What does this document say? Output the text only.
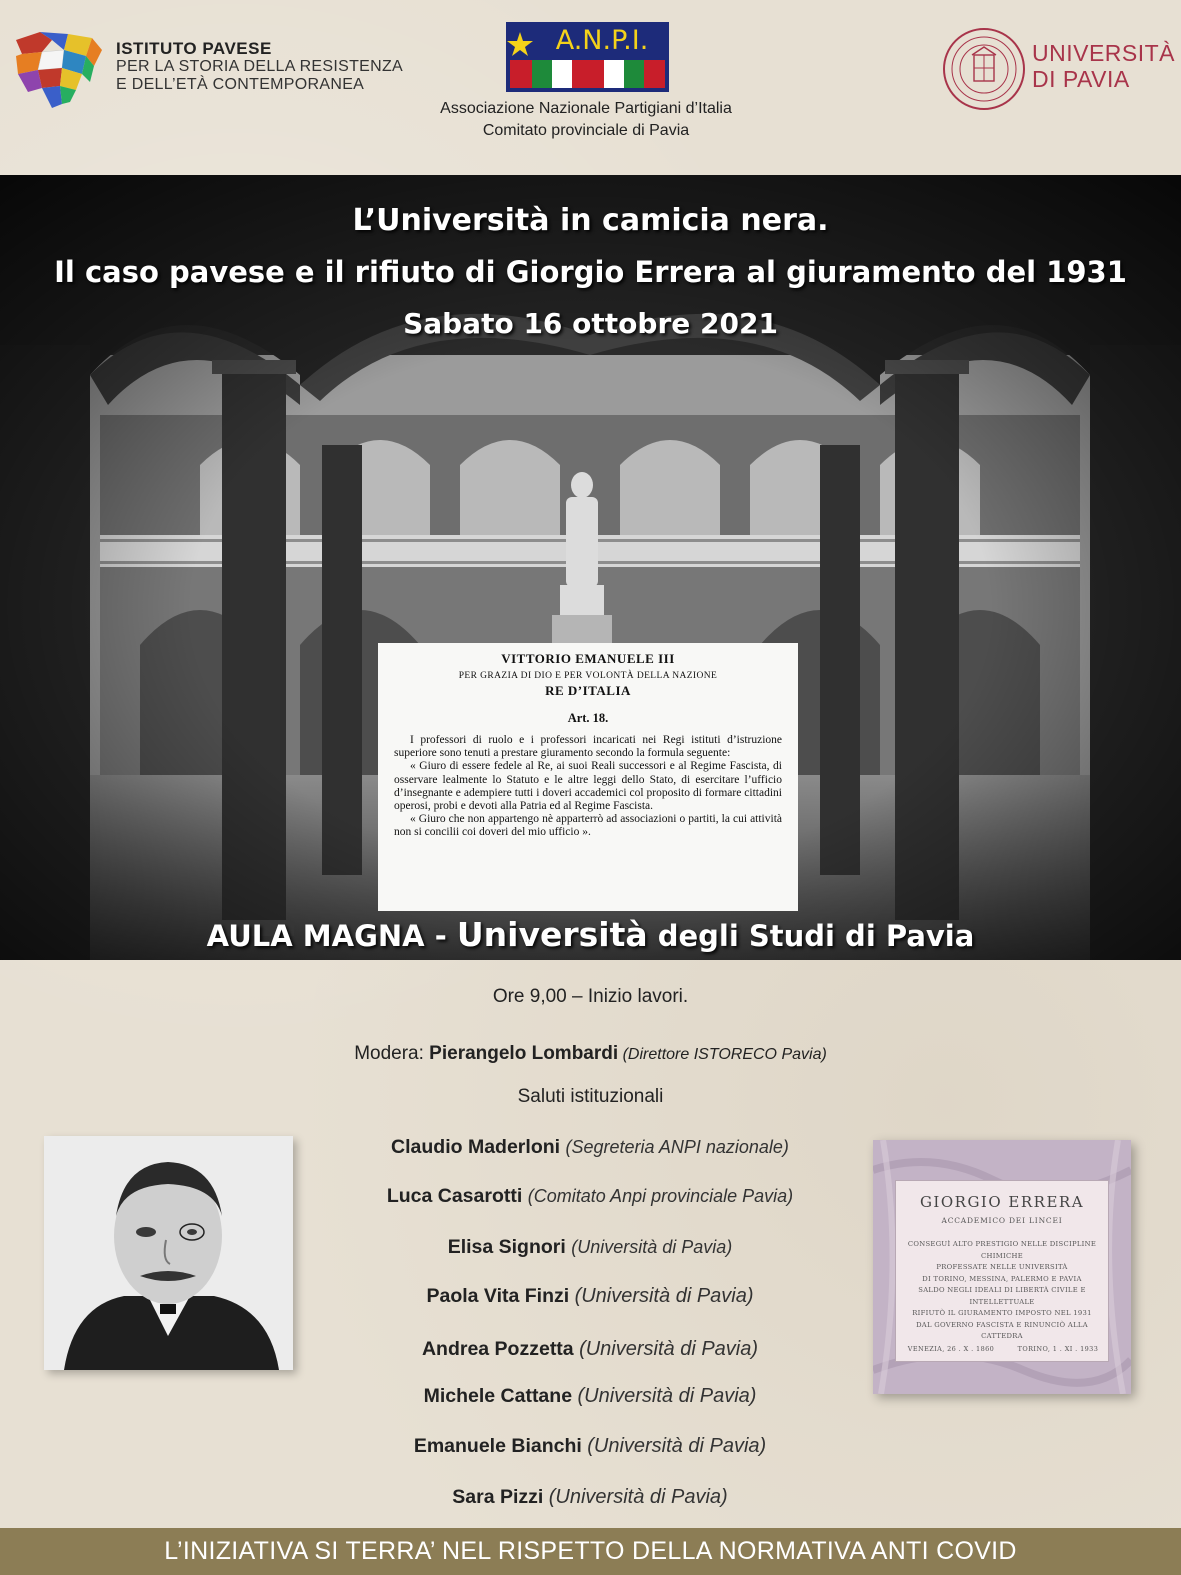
ISTITUTO PAVESE
PER LA STORIA DELLA RESISTENZA
E DELL’ETÀ CONTEMPORANEA
A.N.P.I.
Associazione Nazionale Partigiani d’Italia
Comitato provinciale di Pavia
UNIVERSITÀ
DI PAVIA
L’Università in camicia nera.
Il caso pavese e il rifiuto di Giorgio Errera al giuramento del 1931
Sabato 16 ottobre 2021
VITTORIO EMANUELE III
PER GRAZIA DI DIO E PER VOLONTÀ DELLA NAZIONE
RE D’ITALIA
Art. 18.
I professori di ruolo e i professori incaricati nei Regi istituti d’istruzione superiore sono tenuti a prestare giuramento secondo la formula seguente:
« Giuro di essere fedele al Re, ai suoi Reali successori e al Regime Fascista, di osservare lealmente lo Statuto e le altre leggi dello Stato, di esercitare l’ufficio d’insegnante e adempiere tutti i doveri accademici col proposito di formare cittadini operosi, probi e devoti alla Patria ed al Regime Fascista.
« Giuro che non appartengo nè apparterrò ad associazioni o partiti, la cui attività non si concilii coi doveri del mio ufficio ».
AULA MAGNA - Università degli Studi di Pavia
Ore 9,00 – Inizio lavori.
Modera: Pierangelo Lombardi (Direttore ISTORECO Pavia)
Saluti istituzionali
Claudio Maderloni (Segreteria ANPI nazionale)
Luca Casarotti (Comitato Anpi provinciale Pavia)
Elisa Signori (Università di Pavia)
Paola Vita Finzi (Università di Pavia)
Andrea Pozzetta (Università di Pavia)
Michele Cattane (Università di Pavia)
Emanuele Bianchi (Università di Pavia)
Sara Pizzi (Università di Pavia)
GIORGIO ERRERA
ACCADEMICO DEI LINCEI
CONSEGUÌ ALTO PRESTIGIO NELLE DISCIPLINE CHIMICHE
PROFESSATE NELLE UNIVERSITÀ
DI TORINO, MESSINA, PALERMO E PAVIA
SALDO NEGLI IDEALI DI LIBERTÀ CIVILE E INTELLETTUALE
RIFIUTÒ IL GIURAMENTO IMPOSTO NEL 1931
DAL GOVERNO FASCISTA E RINUNCIÒ ALLA CATTEDRA
VENEZIA, 26 . X . 1860	TORINO, 1 . XI . 1933
L’INIZIATIVA SI TERRA’ NEL RISPETTO DELLA NORMATIVA ANTI COVID
